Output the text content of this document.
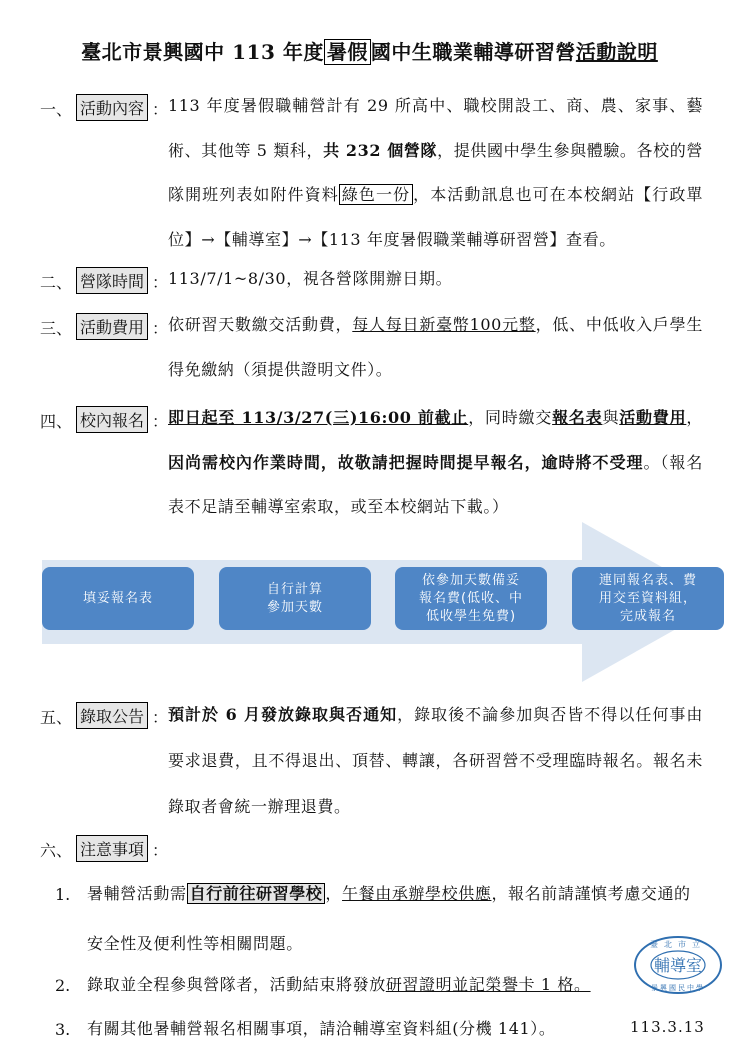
臺北市景興國中 113 年度 暑假 國中生職業輔導研習營活動說明
一、 活動內容 ： 113 年度暑假職輔營計有 29 所高中、職校開設工、商、農、家事、藝術、其他等 5 類科，共 232 個營隊，提供國中學生參與體驗。各校的營隊開班列表如附件資料 綠色一份 ，本活動訊息也可在本校網站【行政單位】→【輔導室】→【113 年度暑假職業輔導研習營】查看。
二、 營隊時間 ： 113/7/1~8/30，視各營隊開辦日期。
三、 活動費用 ： 依研習天數繳交活動費，每人每日新臺幣100元整，低、中低收入戶學生得免繳納（須提供證明文件）。
四、 校內報名 ： 即日起至 113/3/27(三)16:00 前截止，同時繳交報名表與活動費用，因尚需校內作業時間，故敬請把握時間提早報名，逾時將不受理。（報名表不足請至輔導室索取，或至本校網站下載。）
填妥報名表
自行計算
參加天數
依參加天數備妥
報名費(低收、中
低收學生免費)
連同報名表、費
用交至資料組，
完成報名
五、 錄取公告 ： 預計於 6 月發放錄取與否通知，錄取後不論參加與否皆不得以任何事由要求退費，且不得退出、頂替、轉讓，各研習營不受理臨時報名。報名未錄取者會統一辦理退費。
六、 注意事項 ：
1. 暑輔營活動需 自行前往研習學校 ，午餐由承辦學校供應，報名前請謹慎考慮交通的安全性及便利性等相關問題。
2. 錄取並全程參與營隊者，活動結束將發放研習證明並記榮譽卡 1 格。
3. 有關其他暑輔營報名相關事項，請洽輔導室資料組(分機 141）。
輔導室
臺北市立
景興國民中學
113.3.13
